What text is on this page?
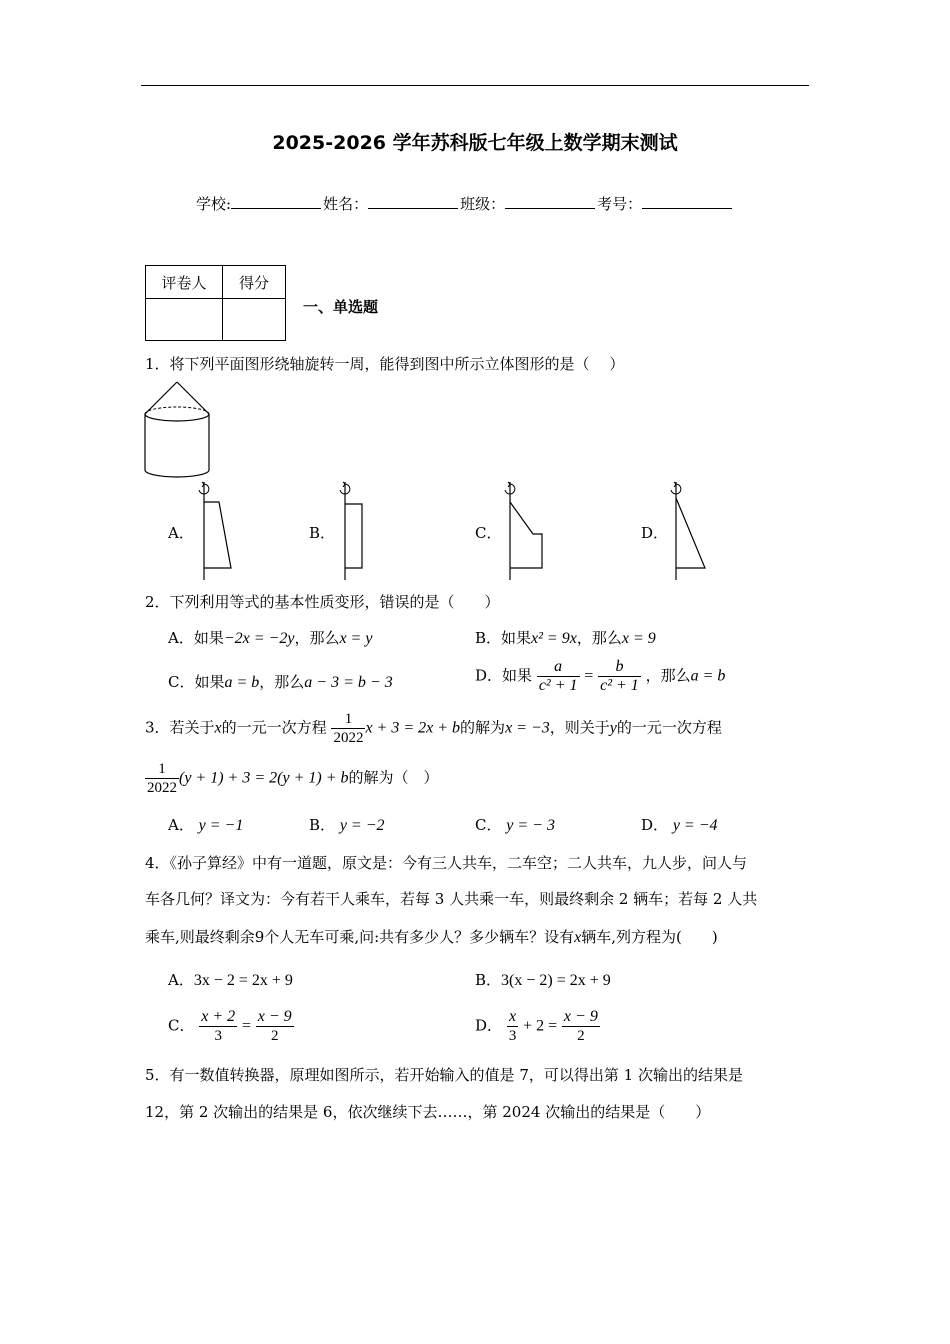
2025-2026 学年苏科版七年级上数学期末测试
学校:	姓名：	班级：	考号：
评卷人	得分

一、单选题
1．将下列平面图形绕轴旋转一周，能得到图中所示立体图形的是（　 ）
A．	B．	C．	D．
2．下列利用等式的基本性质变形，错误的是（　　）
A．如果−2x = −2y，那么x = y	B．如果x² = 9x，那么x = 9
C．如果a = b，那么a − 3 = b − 3	D．如果 $\frac{a}{\text{c² + 1}} = \frac{b}{\text{c² + 1}}$ ，那么a = b
3．若关于x的一元一次方程 $\frac{1}{2022}$ x + 3 = 2x + b的解为x = −3，则关于y的一元一次方程
$\frac{1}{2022} (y + 1) + 3 = 2(y + 1) + b$的解为（　）
A． y = −1	B． y = −2	C． y = − 3	D． y = −4
4．《孙子算经》中有一道题，原文是：今有三人共车，二车空；二人共车，九人步，问人与
车各几何？译文为：今有若干人乘车，若每 3 人共乘一车，则最终剩余 2 辆车；若每 2 人共
乘车,则最终剩余9个人无车可乘,问:共有多少人？多少辆车？设有x辆车,列方程为(　　)
A．3x − 2 = 2x + 9	B．3(x − 2) = 2x + 9
C． $\frac{x + 2}{3} = \frac{x - 9}{2}$	D． $\frac{x}{3} + 2 = \frac{x - 9}{2}$
5．有一数值转换器，原理如图所示，若开始输入的值是 7，可以得出第 1 次输出的结果是
12，第 2 次输出的结果是 6，依次继续下去……，第 2024 次输出的结果是（　　）
